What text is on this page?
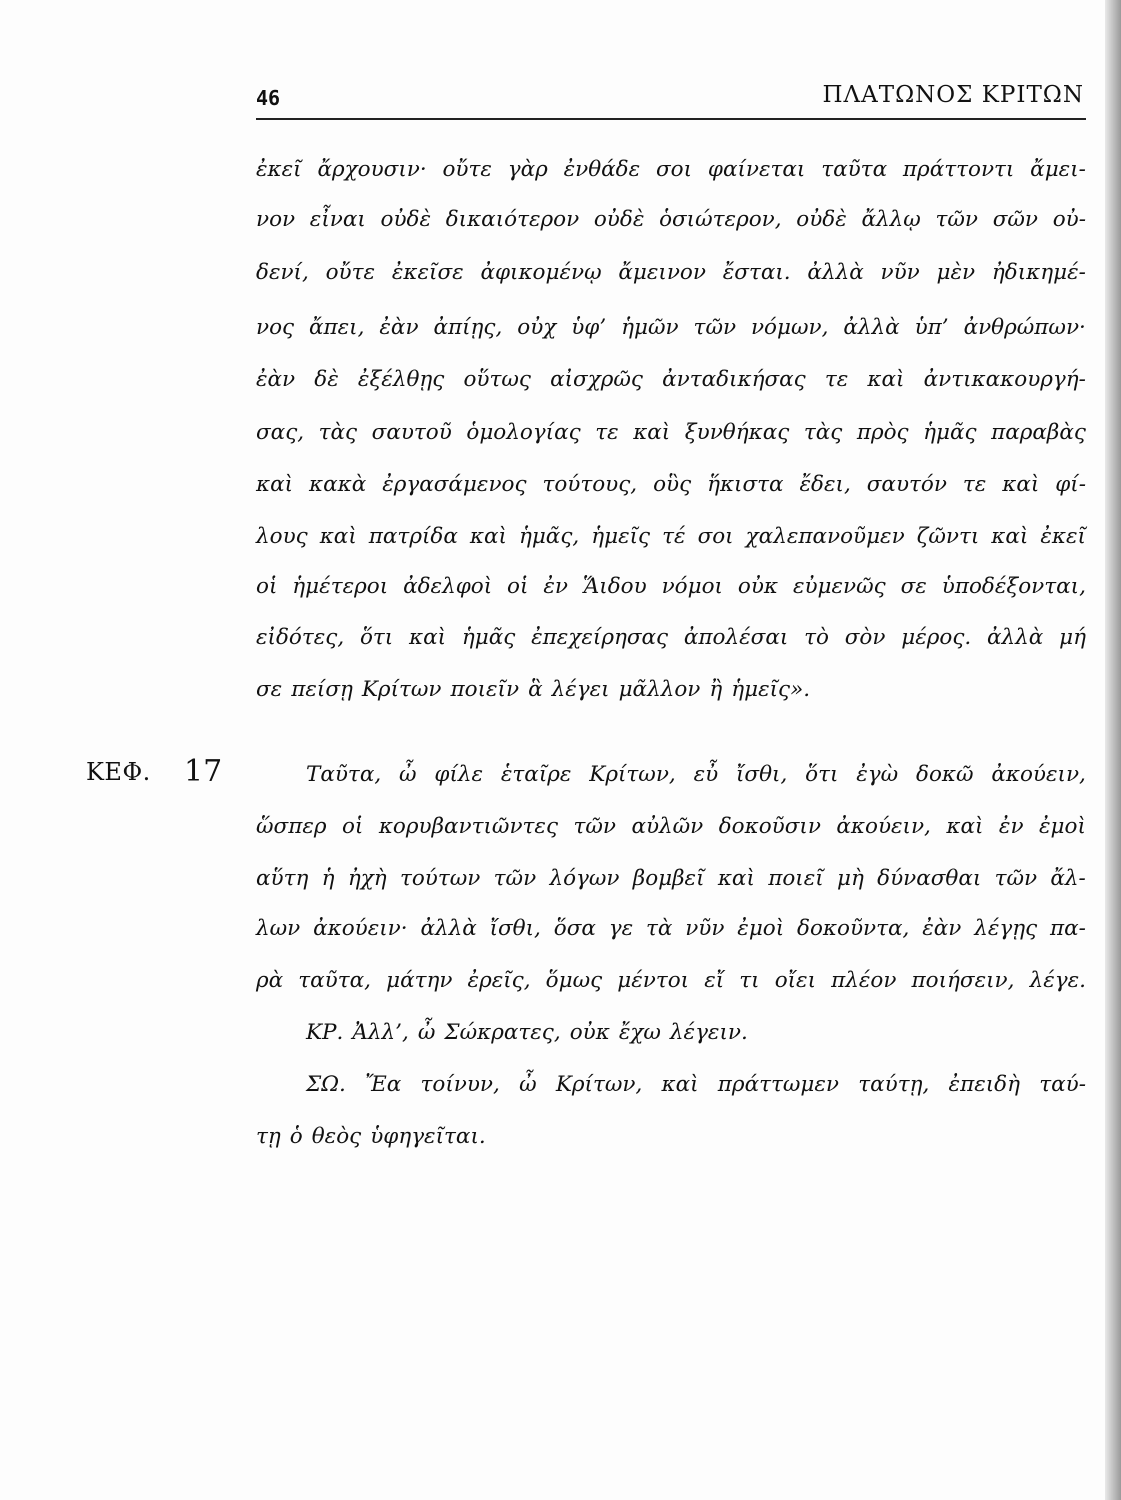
46	ΠΛΑΤΩΝΟΣ ΚΡΙΤΩΝ
ΚΕΦ. 17
ἐκεῖ ἄρχουσιν· οὔτε γὰρ ἐνθάδε σοι φαίνεται ταῦτα πράττοντι ἄμει-
νον εἶναι οὐδὲ δικαιότερον οὐδὲ ὁσιώτερον, οὐδὲ ἄλλῳ τῶν σῶν οὐ-
δενί, οὔτε ἐκεῖσε ἀφικομένῳ ἄμεινον ἔσται. ἀλλὰ νῦν μὲν ἠδικημέ-
νος ἄπει, ἐὰν ἀπίῃς, οὐχ ὑφ’ ἡμῶν τῶν νόμων, ἀλλὰ ὑπ’ ἀνθρώπων·
ἐὰν δὲ ἐξέλθῃς οὕτως αἰσχρῶς ἀνταδικήσας τε καὶ ἀντικακουργή-
σας, τὰς σαυτοῦ ὁμολογίας τε καὶ ξυνθήκας τὰς πρὸς ἡμᾶς παραβὰς
καὶ κακὰ ἐργασάμενος τούτους, οὓς ἥκιστα ἔδει, σαυτόν τε καὶ φί-
λους καὶ πατρίδα καὶ ἡμᾶς, ἡμεῖς τέ σοι χαλεπανοῦμεν ζῶντι καὶ ἐκεῖ
οἱ ἡμέτεροι ἀδελφοὶ οἱ ἐν Ἅιδου νόμοι οὐκ εὐμενῶς σε ὑποδέξονται,
εἰδότες, ὅτι καὶ ἡμᾶς ἐπεχείρησας ἀπολέσαι τὸ σὸν μέρος. ἀλλὰ μή
σε πείσῃ Κρίτων ποιεῖν ἃ λέγει μᾶλλον ἢ ἡμεῖς».
Ταῦτα, ὦ φίλε ἑταῖρε Κρίτων, εὖ ἴσθι, ὅτι ἐγὼ δοκῶ ἀκούειν,
ὥσπερ οἱ κορυβαντιῶντες τῶν αὐλῶν δοκοῦσιν ἀκούειν, καὶ ἐν ἐμοὶ
αὕτη ἡ ἠχὴ τούτων τῶν λόγων βομβεῖ καὶ ποιεῖ μὴ δύνασθαι τῶν ἄλ-
λων ἀκούειν· ἀλλὰ ἴσθι, ὅσα γε τὰ νῦν ἐμοὶ δοκοῦντα, ἐὰν λέγῃς πα-
ρὰ ταῦτα, μάτην ἐρεῖς, ὅμως μέντοι εἴ τι οἴει πλέον ποιήσειν, λέγε.
ΚΡ. Ἀλλ’, ὦ Σώκρατες, οὐκ ἔχω λέγειν.
ΣΩ. Ἔα τοίνυν, ὦ Κρίτων, καὶ πράττωμεν ταύτῃ, ἐπειδὴ ταύ-
τῃ ὁ θεὸς ὑφηγεῖται.
